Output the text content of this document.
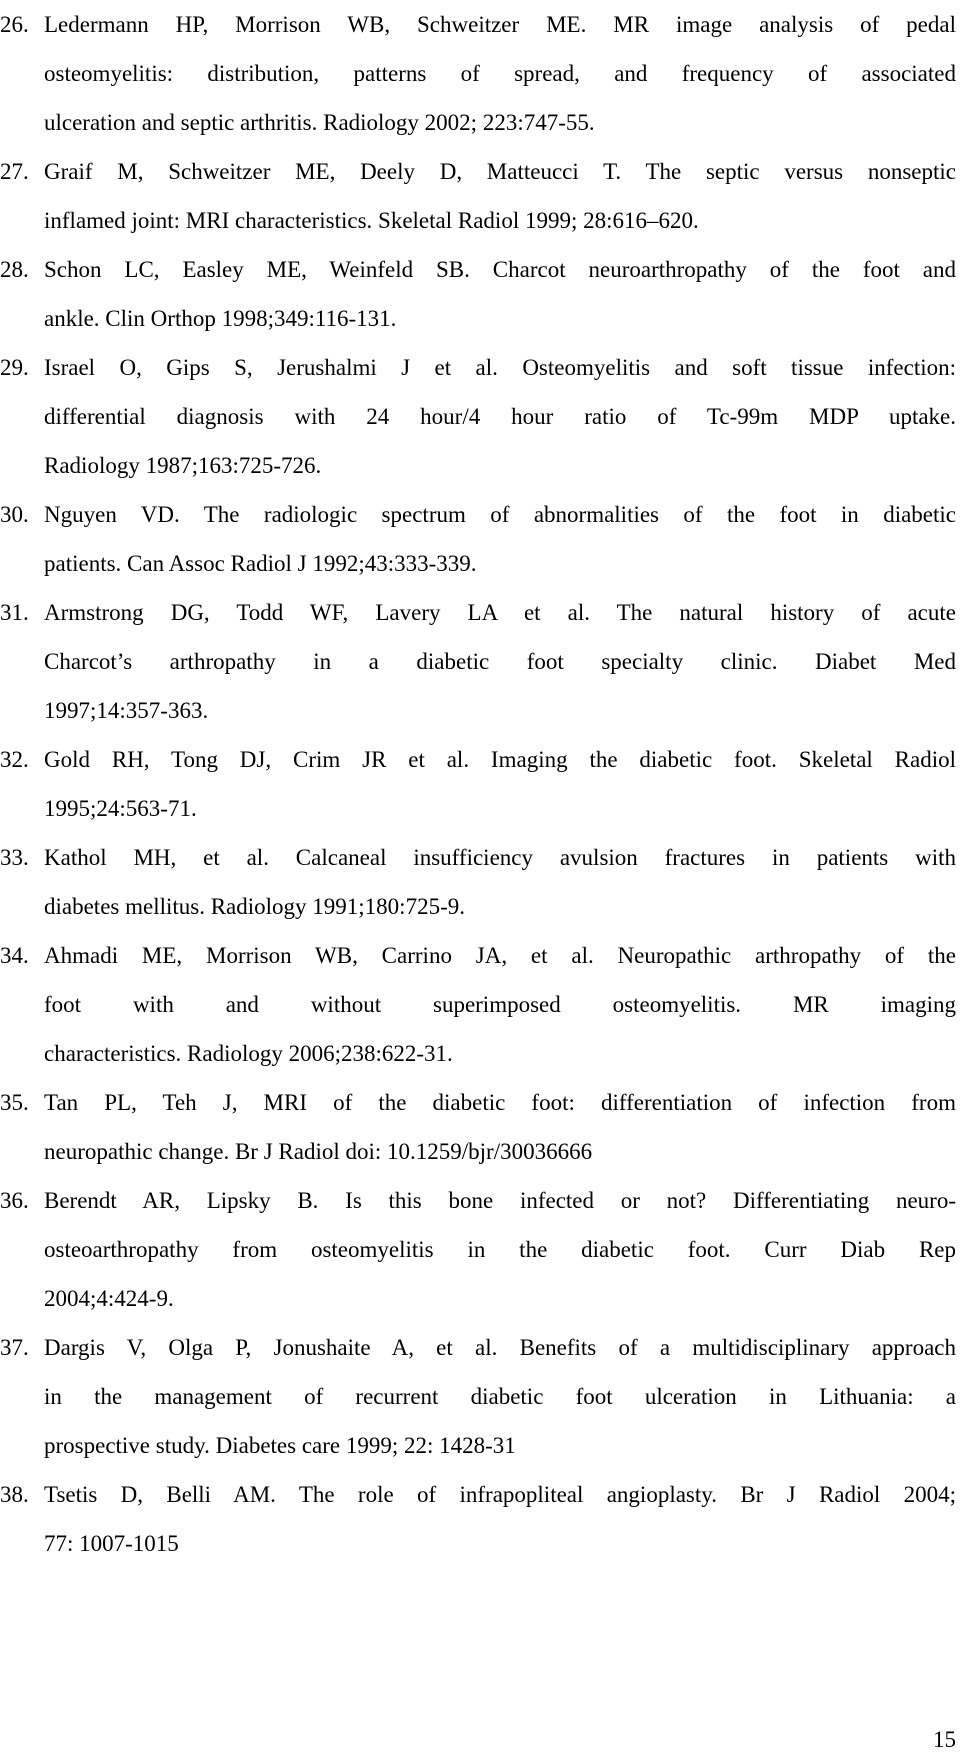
26. Ledermann HP, Morrison WB, Schweitzer ME. MR image analysis of pedal
osteomyelitis: distribution, patterns of spread, and frequency of associated
ulceration and septic arthritis. Radiology 2002; 223:747-55.
27. Graif M, Schweitzer ME, Deely D, Matteucci T. The septic versus nonseptic
inflamed joint: MRI characteristics. Skeletal Radiol 1999; 28:616–620.
28. Schon LC, Easley ME, Weinfeld SB. Charcot neuroarthropathy of the foot and
ankle. Clin Orthop 1998;349:116-131.
29. Israel O, Gips S, Jerushalmi J et al. Osteomyelitis and soft tissue infection:
differential diagnosis with 24 hour/4 hour ratio of Tc-99m MDP uptake.
Radiology 1987;163:725-726.
30. Nguyen VD. The radiologic spectrum of abnormalities of the foot in diabetic
patients. Can Assoc Radiol J 1992;43:333-339.
31. Armstrong DG, Todd WF, Lavery LA et al. The natural history of acute
Charcot’s arthropathy in a diabetic foot specialty clinic. Diabet Med
1997;14:357-363.
32. Gold RH, Tong DJ, Crim JR et al. Imaging the diabetic foot. Skeletal Radiol
1995;24:563-71.
33. Kathol MH, et al. Calcaneal insufficiency avulsion fractures in patients with
diabetes mellitus. Radiology 1991;180:725-9.
34. Ahmadi ME, Morrison WB, Carrino JA, et al. Neuropathic arthropathy of the
foot with and without superimposed osteomyelitis. MR imaging
characteristics. Radiology 2006;238:622-31.
35. Tan PL, Teh J, MRI of the diabetic foot: differentiation of infection from
neuropathic change. Br J Radiol doi: 10.1259/bjr/30036666
36. Berendt AR, Lipsky B. Is this bone infected or not? Differentiating neuro-
osteoarthropathy from osteomyelitis in the diabetic foot. Curr Diab Rep
2004;4:424-9.
37. Dargis V, Olga P, Jonushaite A, et al. Benefits of a multidisciplinary approach
in the management of recurrent diabetic foot ulceration in Lithuania: a
prospective study. Diabetes care 1999; 22: 1428-31
38. Tsetis D, Belli AM. The role of infrapopliteal angioplasty. Br J Radiol 2004;
77: 1007-1015
15
